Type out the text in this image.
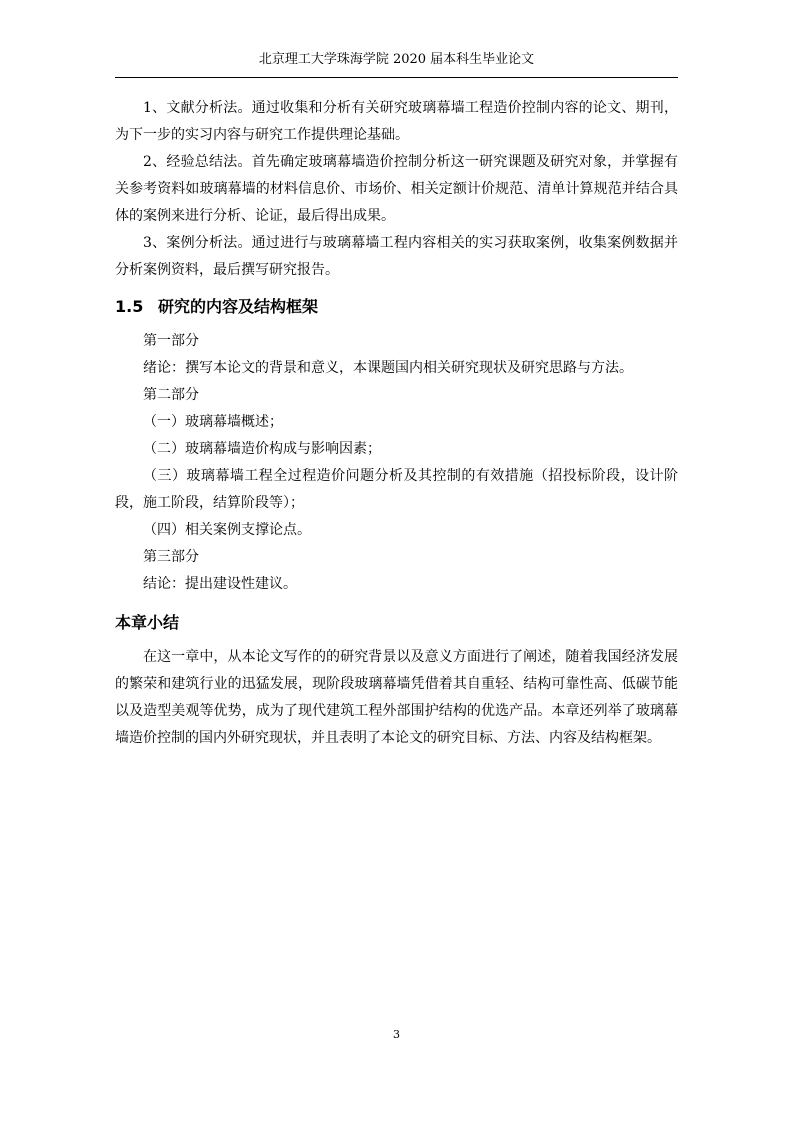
北京理工大学珠海学院 2020 届本科生毕业论文

1、文献分析法。通过收集和分析有关研究玻璃幕墙工程造价控制内容的论文、期刊，为下一步的实习内容与研究工作提供理论基础。

2、经验总结法。首先确定玻璃幕墙造价控制分析这一研究课题及研究对象，并掌握有关参考资料如玻璃幕墙的材料信息价、市场价、相关定额计价规范、清单计算规范并结合具体的案例来进行分析、论证，最后得出成果。

3、案例分析法。通过进行与玻璃幕墙工程内容相关的实习获取案例，收集案例数据并分析案例资料，最后撰写研究报告。

1.5 研究的内容及结构框架

第一部分

绪论：撰写本论文的背景和意义，本课题国内相关研究现状及研究思路与方法。

第二部分

（一）玻璃幕墙概述；

（二）玻璃幕墙造价构成与影响因素；

（三）玻璃幕墙工程全过程造价问题分析及其控制的有效措施（招投标阶段，设计阶段，施工阶段，结算阶段等）；

（四）相关案例支撑论点。

第三部分

结论：提出建设性建议。

本章小结

在这一章中，从本论文写作的的研究背景以及意义方面进行了阐述，随着我国经济发展的繁荣和建筑行业的迅猛发展，现阶段玻璃幕墙凭借着其自重轻、结构可靠性高、低碳节能以及造型美观等优势，成为了现代建筑工程外部围护结构的优选产品。本章还列举了玻璃幕墙造价控制的国内外研究现状，并且表明了本论文的研究目标、方法、内容及结构框架。

3
